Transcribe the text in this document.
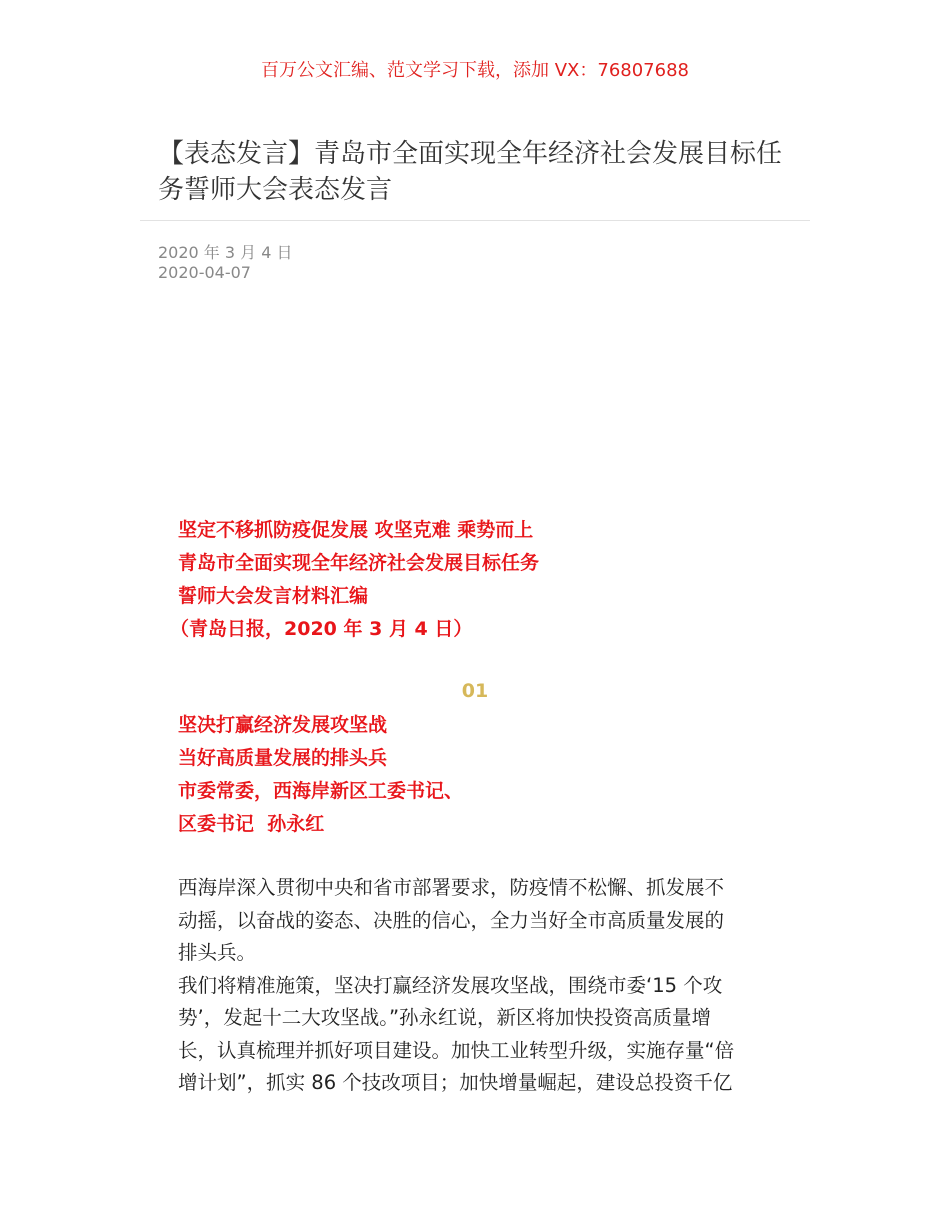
百万公文汇编、范文学习下载，添加 VX：76807688
【表态发言】青岛市全面实现全年经济社会发展目标任务誓师大会表态发言
2020 年 3 月 4 日
2020-04-07
坚定不移抓防疫促发展 攻坚克难 乘势而上
青岛市全面实现全年经济社会发展目标任务
誓师大会发言材料汇编
（青岛日报，2020 年 3 月 4 日）
01
坚决打赢经济发展攻坚战
当好高质量发展的排头兵
市委常委，西海岸新区工委书记、
区委书记  孙永红
西海岸深入贯彻中央和省市部署要求，防疫情不松懈、抓发展不
动摇，以奋战的姿态、决胜的信心，全力当好全市高质量发展的
排头兵。
我们将精准施策，坚决打赢经济发展攻坚战，围绕市委‘15 个攻
势’，发起十二大攻坚战。”孙永红说，新区将加快投资高质量增
长，认真梳理并抓好项目建设。加快工业转型升级，实施存量“倍
增计划”，抓实 86 个技改项目；加快增量崛起，建设总投资千亿
